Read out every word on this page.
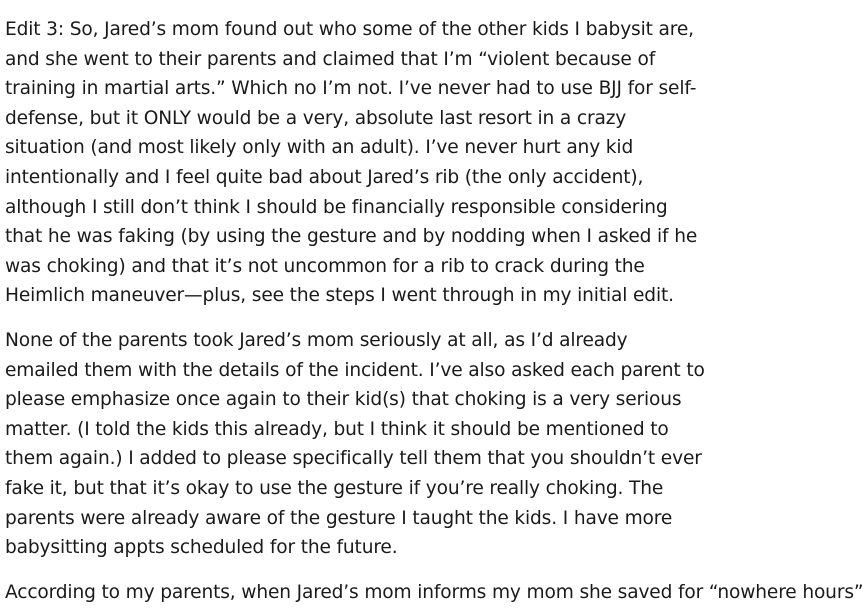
Edit 3: So, Jared’s mom found out who some of the other kids I babysit are,
and she went to their parents and claimed that I’m “violent because of
training in martial arts.” Which no I’m not. I’ve never had to use BJJ for self-
defense, but it ONLY would be a very, absolute last resort in a crazy
situation (and most likely only with an adult). I’ve never hurt any kid
intentionally and I feel quite bad about Jared’s rib (the only accident),
although I still don’t think I should be financially responsible considering
that he was faking (by using the gesture and by nodding when I asked if he
was choking) and that it’s not uncommon for a rib to crack during the
Heimlich maneuver—plus, see the steps I went through in my initial edit.

None of the parents took Jared’s mom seriously at all, as I’d already
emailed them with the details of the incident. I’ve also asked each parent to
please emphasize once again to their kid(s) that choking is a very serious
matter. (I told the kids this already, but I think it should be mentioned to
them again.) I added to please specifically tell them that you shouldn’t ever
fake it, but that it’s okay to use the gesture if you’re really choking. The
parents were already aware of the gesture I taught the kids. I have more
babysitting appts scheduled for the future.

According to my parents, when Jared’s mom informs my mom she saved for “nowhere hours”
